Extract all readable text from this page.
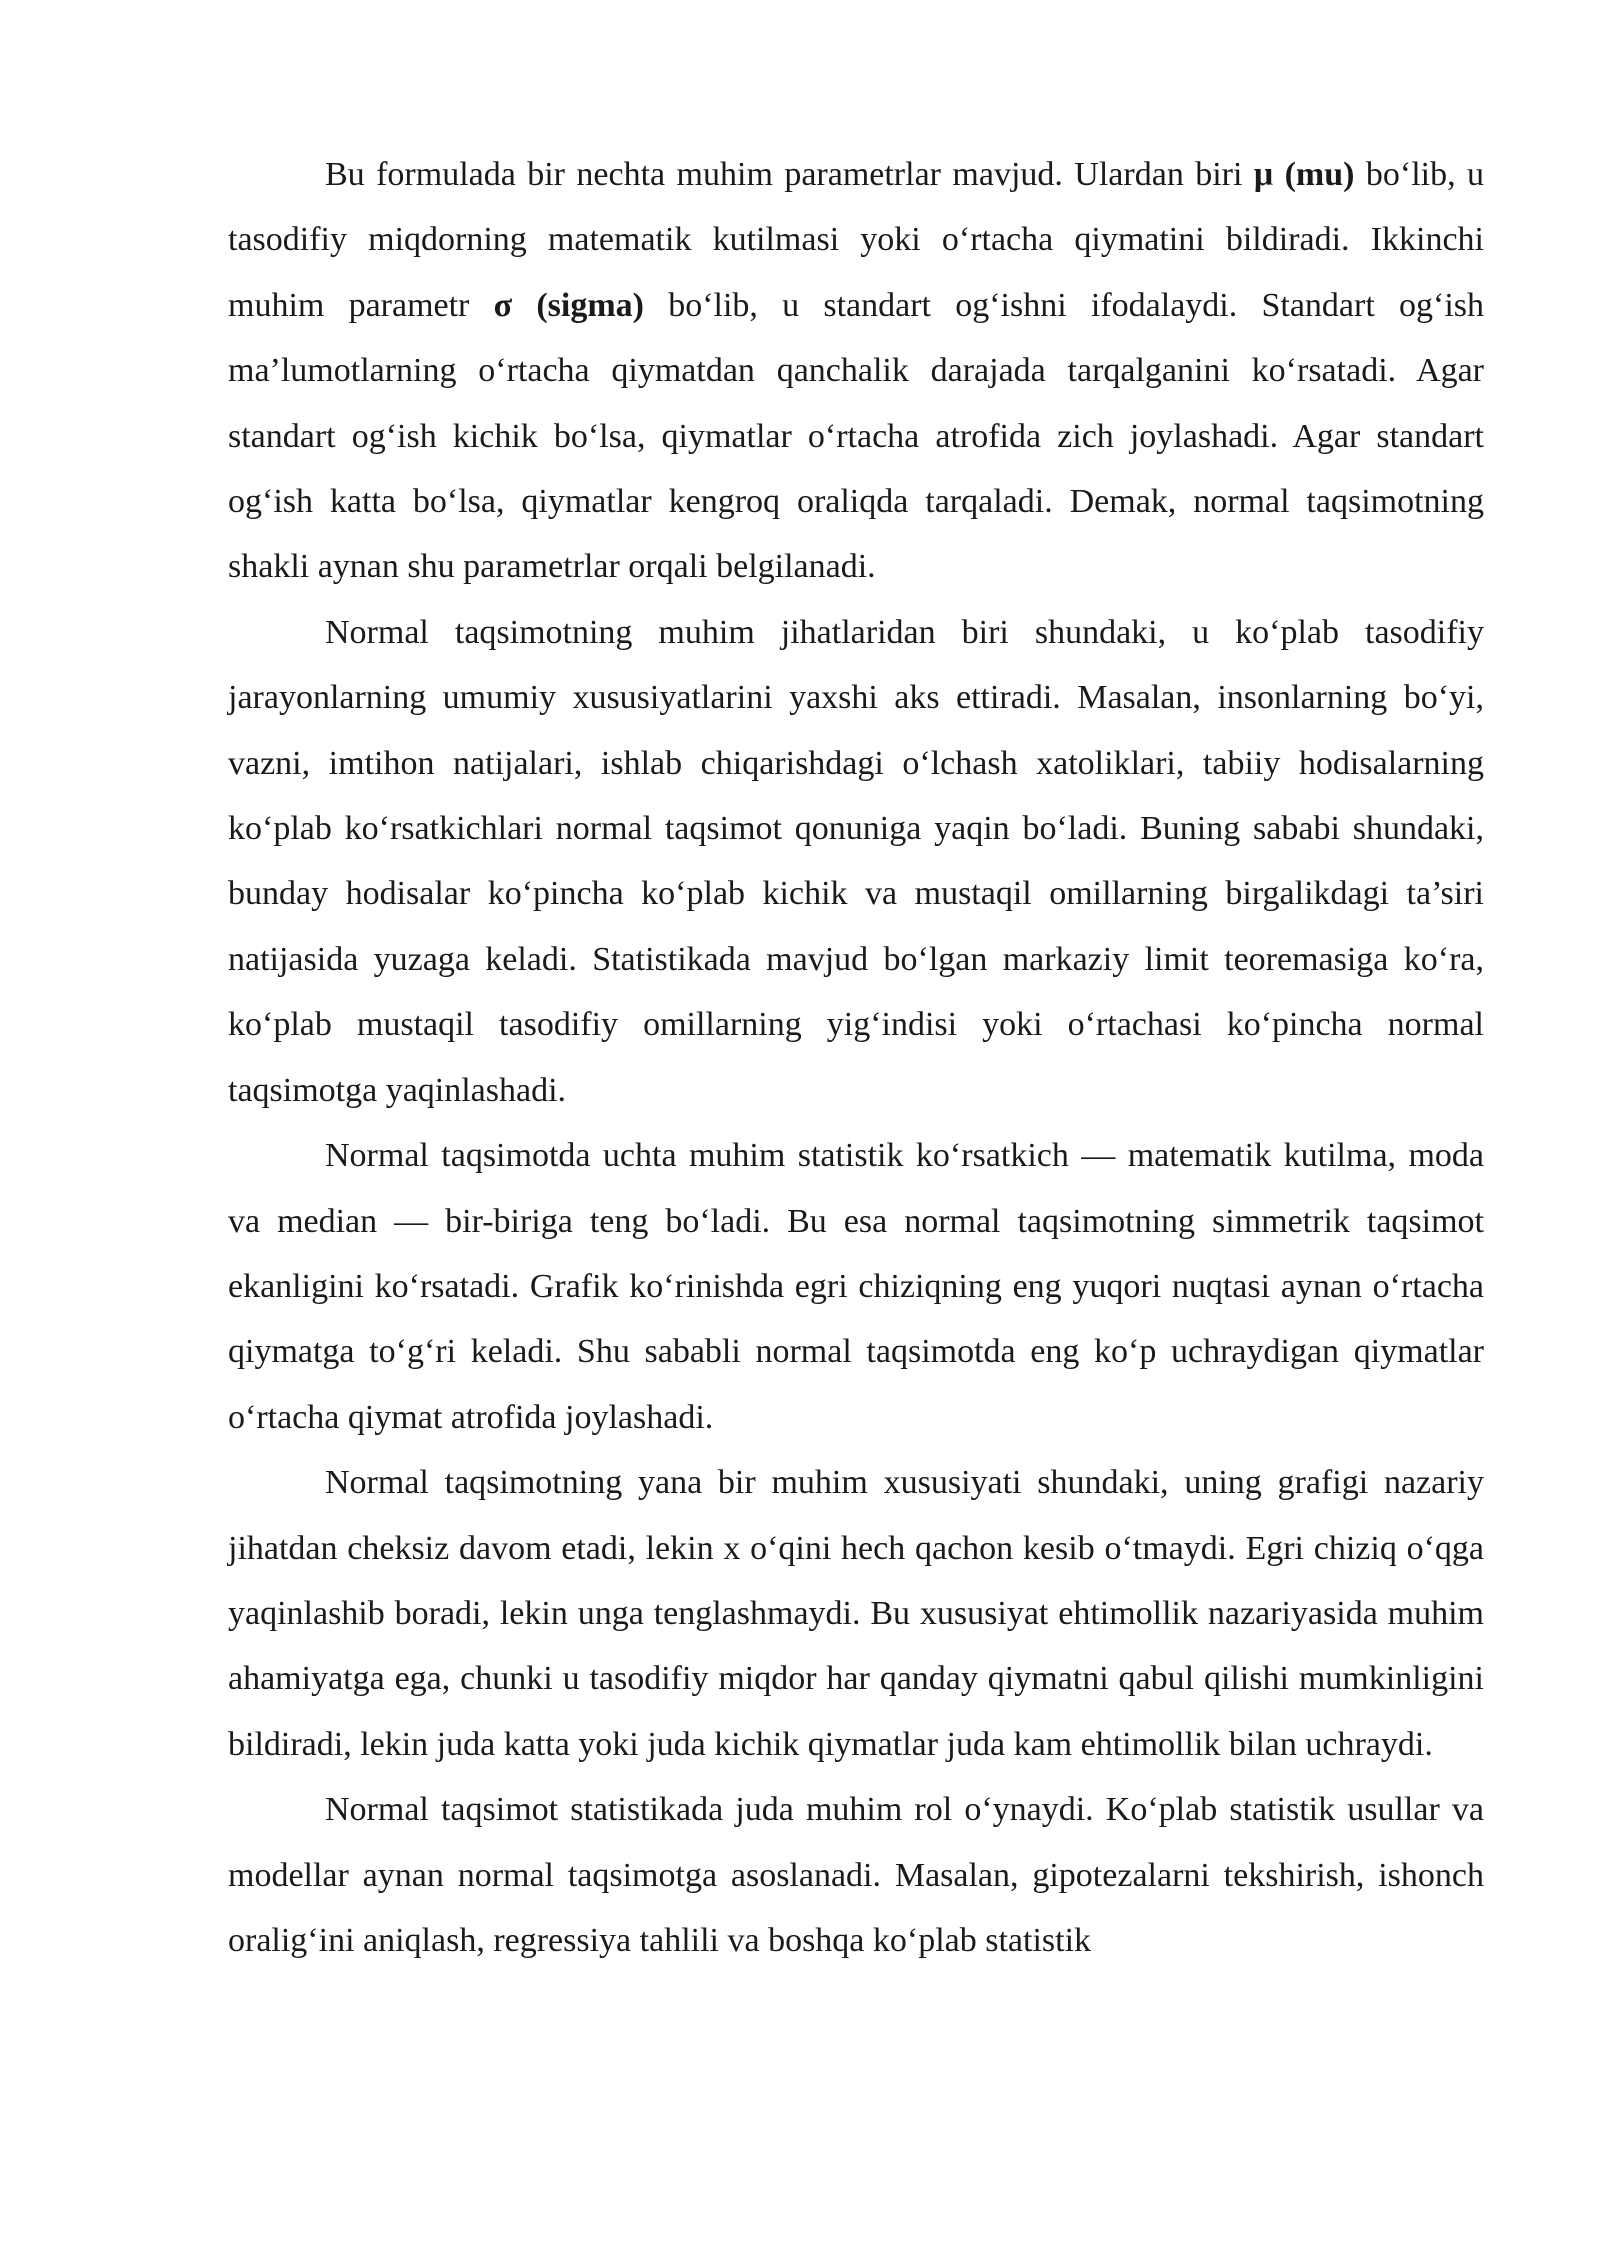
Bu formulada bir nechta muhim parametrlar mavjud. Ulardan biri μ (mu) bo‘lib, u tasodifiy miqdorning matematik kutilmasi yoki o‘rtacha qiymatini bildiradi. Ikkinchi muhim parametr σ (sigma) bo‘lib, u standart og‘ishni ifodalaydi. Standart og‘ish ma’lumotlarning o‘rtacha qiymatdan qanchalik darajada tarqalganini ko‘rsatadi. Agar standart og‘ish kichik bo‘lsa, qiymatlar o‘rtacha atrofida zich joylashadi. Agar standart og‘ish katta bo‘lsa, qiymatlar kengroq oraliqda tarqaladi. Demak, normal taqsimotning shakli aynan shu parametrlar orqali belgilanadi.

Normal taqsimotning muhim jihatlaridan biri shundaki, u ko‘plab tasodifiy jarayonlarning umumiy xususiyatlarini yaxshi aks ettiradi. Masalan, insonlarning bo‘yi, vazni, imtihon natijalari, ishlab chiqarishdagi o‘lchash xatoliklari, tabiiy hodisalarning ko‘plab ko‘rsatkichlari normal taqsimot qonuniga yaqin bo‘ladi. Buning sababi shundaki, bunday hodisalar ko‘pincha ko‘plab kichik va mustaqil omillarning birgalikdagi ta’siri natijasida yuzaga keladi. Statistikada mavjud bo‘lgan markaziy limit teoremasiga ko‘ra, ko‘plab mustaqil tasodifiy omillarning yig‘indisi yoki o‘rtachasi ko‘pincha normal taqsimotga yaqinlashadi.

Normal taqsimotda uchta muhim statistik ko‘rsatkich — matematik kutilma, moda va median — bir-biriga teng bo‘ladi. Bu esa normal taqsimotning simmetrik taqsimot ekanligini ko‘rsatadi. Grafik ko‘rinishda egri chiziqning eng yuqori nuqtasi aynan o‘rtacha qiymatga to‘g‘ri keladi. Shu sababli normal taqsimotda eng ko‘p uchraydigan qiymatlar o‘rtacha qiymat atrofida joylashadi.

Normal taqsimotning yana bir muhim xususiyati shundaki, uning grafigi nazariy jihatdan cheksiz davom etadi, lekin x o‘qini hech qachon kesib o‘tmaydi. Egri chiziq o‘qga yaqinlashib boradi, lekin unga tenglashmaydi. Bu xususiyat ehtimollik nazariyasida muhim ahamiyatga ega, chunki u tasodifiy miqdor har qanday qiymatni qabul qilishi mumkinligini bildiradi, lekin juda katta yoki juda kichik qiymatlar juda kam ehtimollik bilan uchraydi.

Normal taqsimot statistikada juda muhim rol o‘ynaydi. Ko‘plab statistik usullar va modellar aynan normal taqsimotga asoslanadi. Masalan, gipotezalarni tekshirish, ishonch oralig‘ini aniqlash, regressiya tahlili va boshqa ko‘plab statistik
